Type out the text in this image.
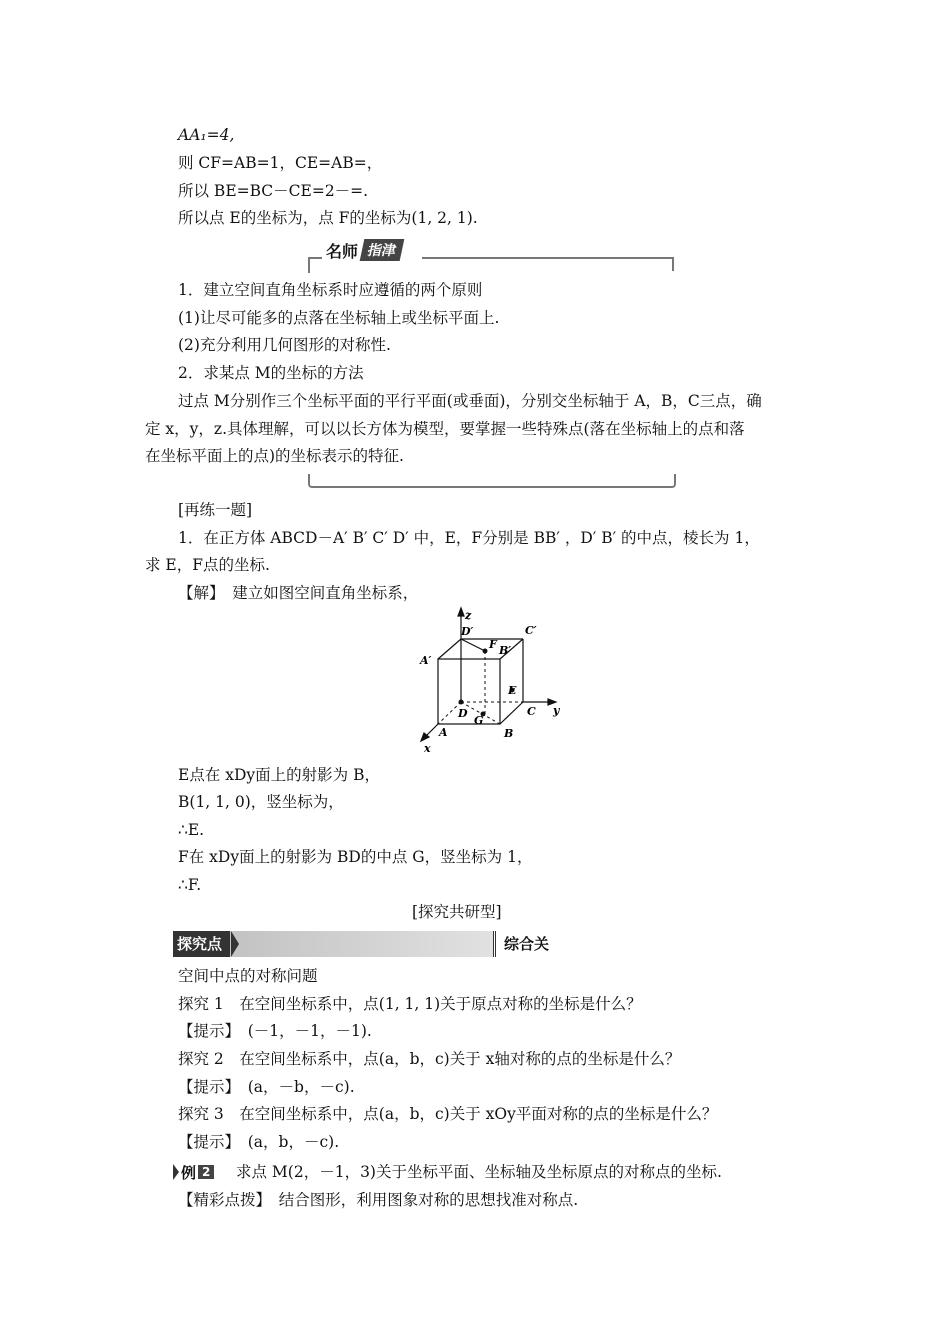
AA₁=4,
则 CF=AB=1，CE=AB=，
所以 BE=BC－CE=2－=.
所以点 E的坐标为，点 F的坐标为(1, 2, 1).
名师 指津
1．建立空间直角坐标系时应遵循的两个原则
(1)让尽可能多的点落在坐标轴上或坐标平面上.
(2)充分利用几何图形的对称性.
2．求某点 M的坐标的方法
过点 M分别作三个坐标平面的平行平面(或垂面)，分别交坐标轴于 A，B，C三点，确
定 x，y，z.具体理解，可以以长方体为模型，要掌握一些特殊点(落在坐标轴上的点和落
在坐标平面上的点)的坐标表示的特征.
[再练一题]
1．在正方体 ABCD－A′ B′ C′ D′ 中，E，F分别是 BB′ ，D′ B′ 的中点，棱长为 1，
求 E，F点的坐标.
【解】　建立如图空间直角坐标系，
z
y
x
D′	C′
A′
B′
F
E
D
G
C
A	B
E点在 xDy面上的射影为 B，
B(1, 1, 0)，竖坐标为，
∴E.
F在 xDy面上的射影为 BD的中点 G，竖坐标为 1，
∴F.
[探究共研型]
探究点	综合关
空间中点的对称问题
探究 1　在空间坐标系中，点(1, 1, 1)关于原点对称的坐标是什么？
【提示】　(－1，－1，－1).
探究 2　在空间坐标系中，点(a，b，c)关于 x轴对称的点的坐标是什么？
【提示】　(a，－b，－c).
探究 3　在空间坐标系中，点(a，b，c)关于 xOy平面对称的点的坐标是什么？
【提示】　(a，b，－c).
例 2 求点 M(2，－1，3)关于坐标平面、坐标轴及坐标原点的对称点的坐标.
【精彩点拨】　结合图形，利用图象对称的思想找准对称点.
